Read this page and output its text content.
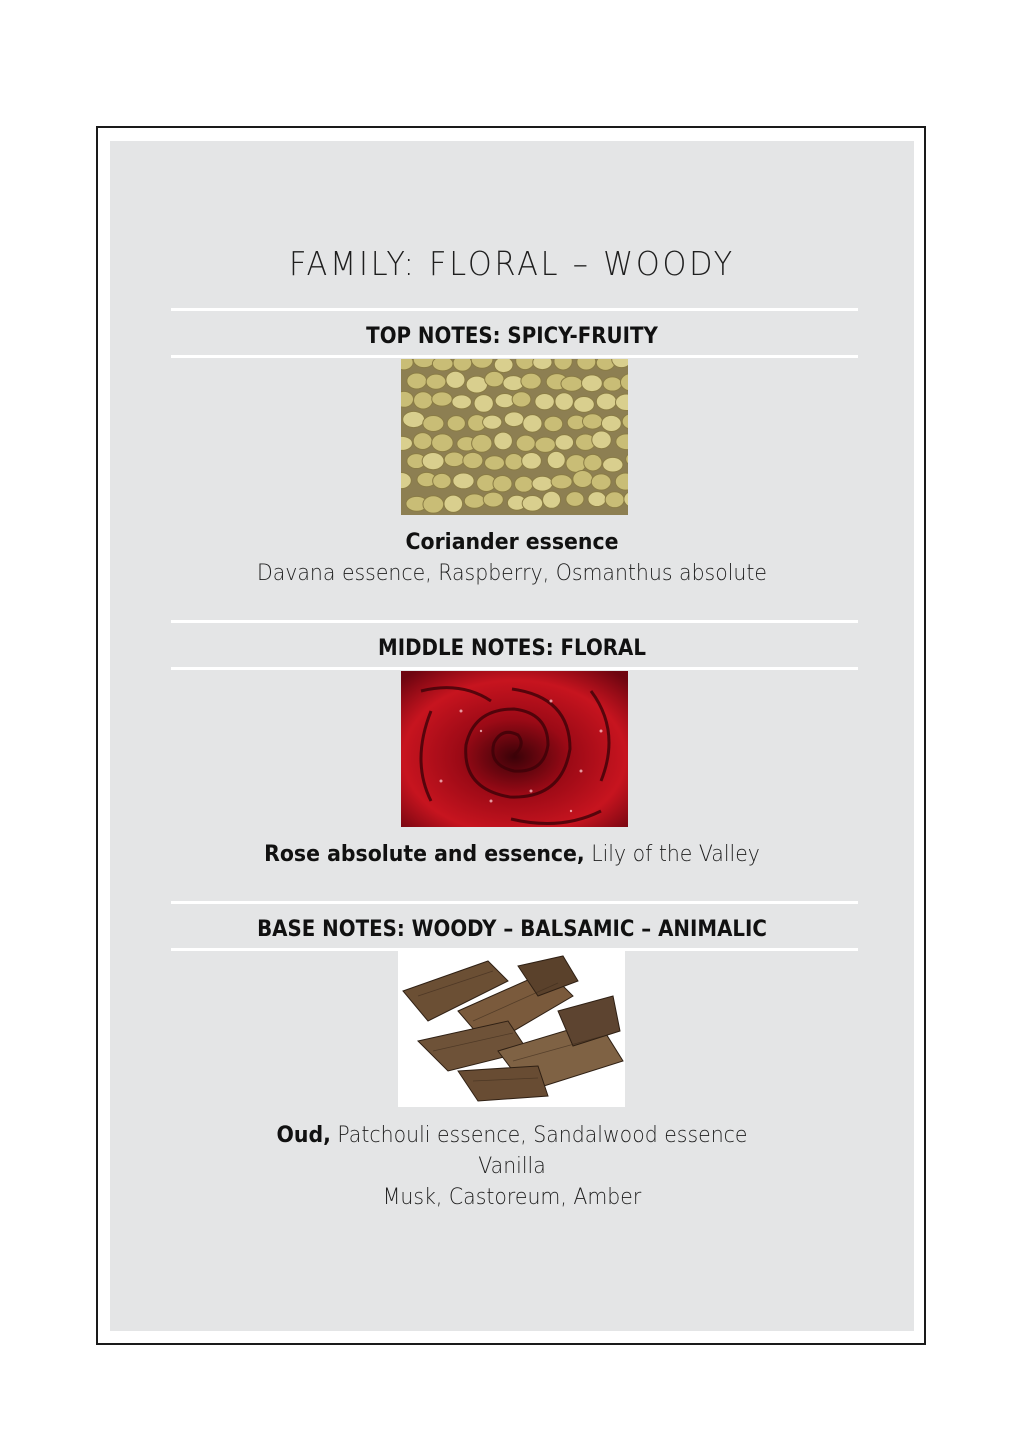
FAMILY: FLORAL – WOODY
TOP NOTES: SPICY-FRUITY
Coriander essence
Davana essence, Raspberry, Osmanthus absolute
MIDDLE NOTES: FLORAL
Rose absolute and essence, Lily of the Valley
BASE NOTES: WOODY – BALSAMIC – ANIMALIC
Oud, Patchouli essence, Sandalwood essence
Vanilla
Musk, Castoreum, Amber
